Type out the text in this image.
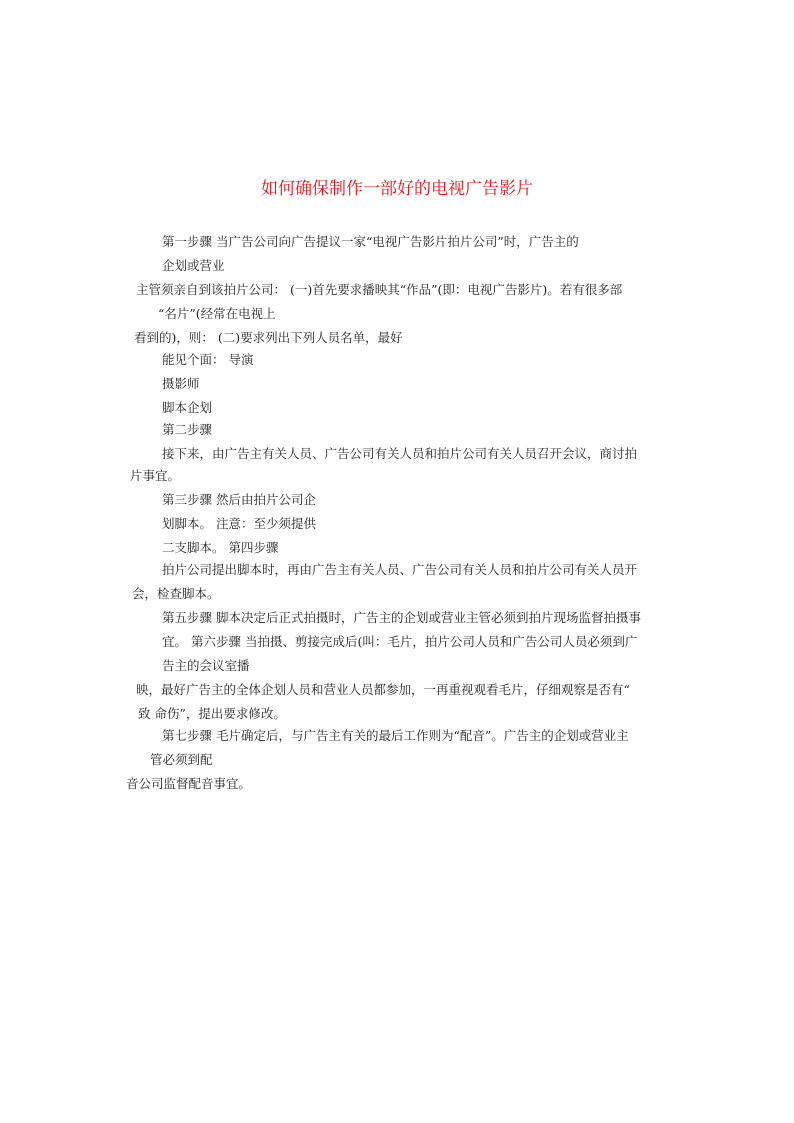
如何确保制作一部好的电视广告影片
第一步骤 当广告公司向广告提议一家“电视广告影片拍片公司”时，广告主的
企划或营业
主管须亲自到该拍片公司： (一)首先要求播映其“作品”(即：电视广告影片)。若有很多部
“名片”(经常在电视上
看到的)，则： (二)要求列出下列人员名单，最好
能见个面： 导演
摄影师
脚本企划
第二步骤
接下来，由广告主有关人员、广告公司有关人员和拍片公司有关人员召开会议，商讨拍
片事宜。
第三步骤 然后由拍片公司企
划脚本。 注意：至少须提供
二支脚本。 第四步骤
拍片公司提出脚本时，再由广告主有关人员、广告公司有关人员和拍片公司有关人员开
会，检查脚本。
第五步骤 脚本决定后正式拍摄时，广告主的企划或营业主管必须到拍片现场监督拍摄事
宜。 第六步骤 当拍摄、剪接完成后(叫：毛片，拍片公司人员和广告公司人员必须到广
告主的会议室播
映，最好广告主的全体企划人员和营业人员都参加，一再重视观看毛片，仔细观察是否有“
致 命伤”，提出要求修改。
第七步骤 毛片确定后，与广告主有关的最后工作则为“配音”。广告主的企划或营业主
管必须到配
音公司监督配音事宜。
